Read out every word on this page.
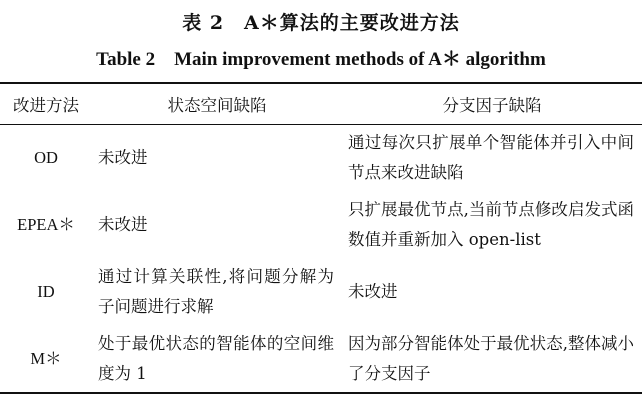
表 2　A＊算法的主要改进方法
Table 2　Main improvement methods of A＊ algorithm
改进方法	状态空间缺陷	分支因子缺陷
OD	未改进	通过每次只扩展单个智能体并引入中间节点来改进缺陷
EPEA＊	未改进	只扩展最优节点,当前节点修改启发式函数值并重新加入 open-list
ID	通过计算关联性,将问题分解为子问题进行求解	未改进
M＊	处于最优状态的智能体的空间维度为 1	因为部分智能体处于最优状态,整体减小了分支因子
